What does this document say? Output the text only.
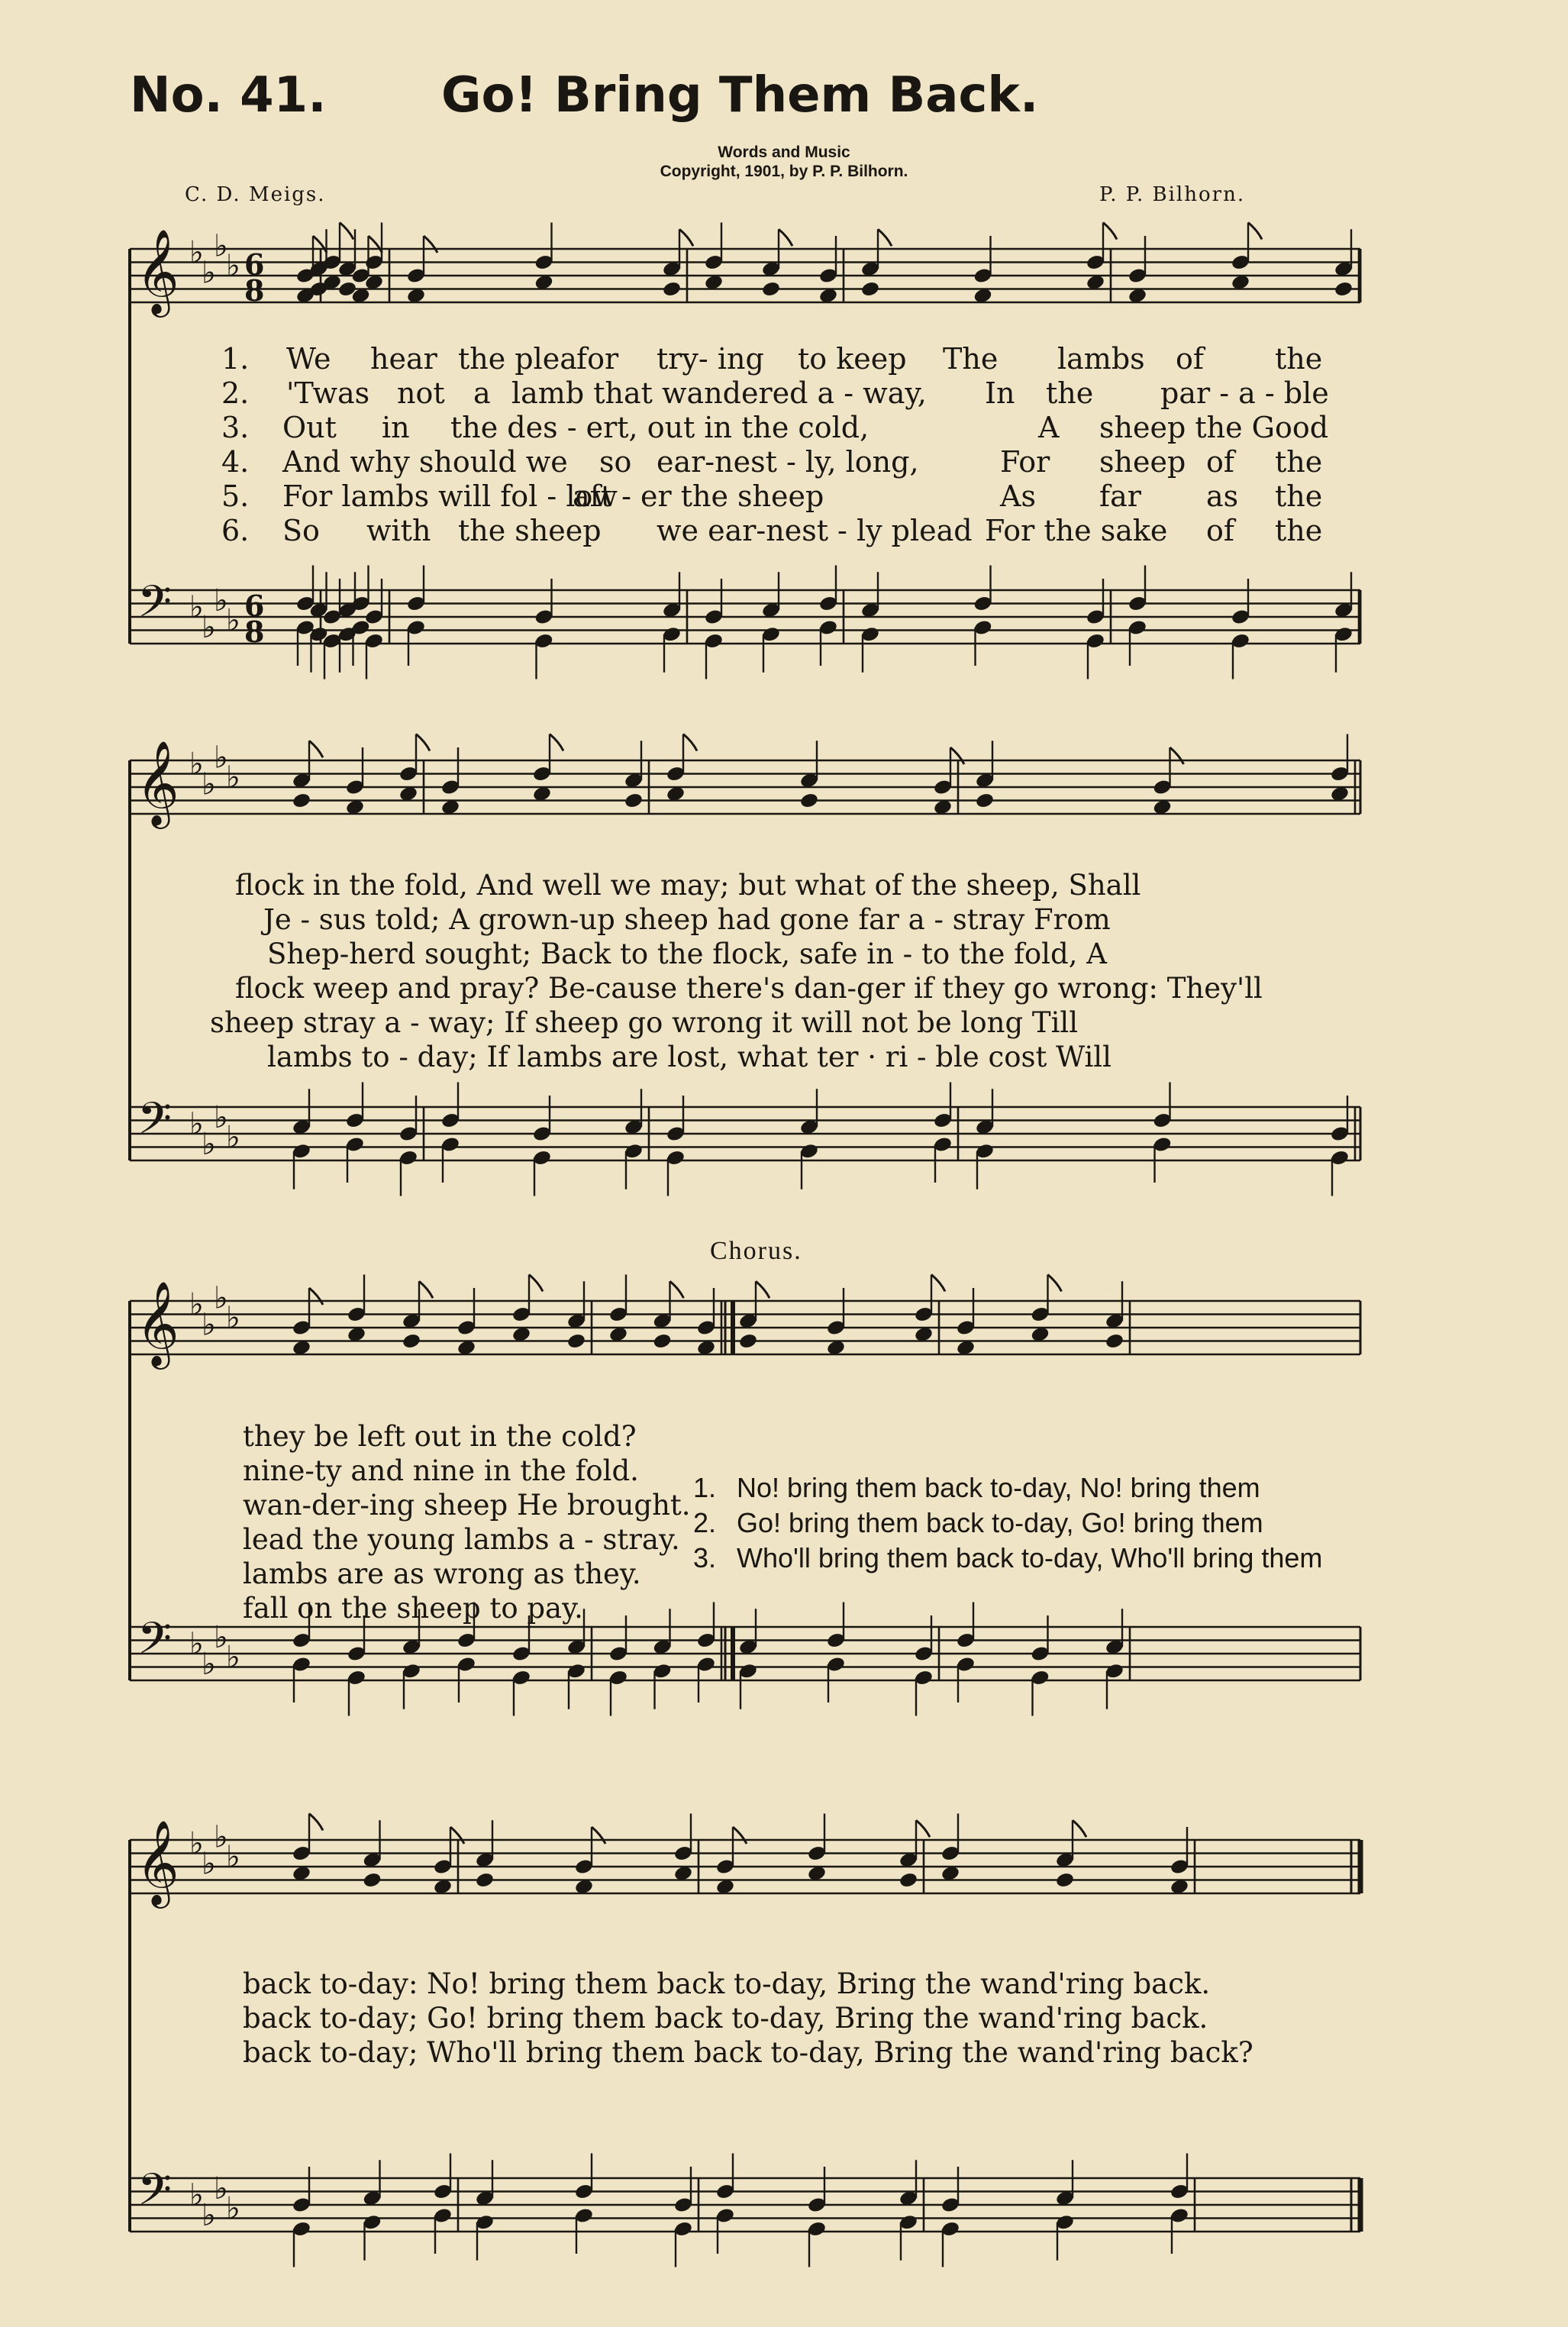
No. 41. Go! Bring Them Back.
Words and Music
Copyright, 1901, by P. P. Bilhorn.
C. D. Meigs.	P. P. Bilhorn.
𝄞
𝄢
♭
♭
♭
♭
♭
♭
♭
♭
6
8
6
8
𝄞
𝄢
♭
♭
♭
♭
♭
♭
♭
♭
𝄞
𝄢
♭
♭
♭
♭
♭
♭
♭
♭
𝄞
𝄢
♭
♭
♭
♭
♭
♭
♭
♭
1. We hear the plea for try- ing to keep The lambs of the
2. 'Twas not a lamb that wandered a - way, In the par - a - ble
3. Out in the des - ert, out in the cold,	A sheep the Good
4. And why should we so ear-nest - ly, long,	For sheep of the
5. For lambs will fol - low
aft - er the sheep	As far as the
6. So with the sheep we ear-nest - ly plead For the sake of the
flock in the fold, And well we may; but what of the sheep, Shall
Je - sus told; A grown-up sheep had gone far a - stray From
Shep-herd sought; Back to the flock, safe in - to the fold, A
flock weep and pray? Be-cause there's dan-ger if they go wrong: They'll
sheep stray a - way; If sheep go wrong it will not be long Till
lambs to - day; If lambs are lost, what ter · ri - ble cost Will
Chorus.
they be left out in the cold?
nine-ty and nine in the fold.
wan-der-ing sheep He brought.
lead the young lambs a - stray.
lambs are as wrong as they.
fall on the sheep to pay.
1. No! bring them back to-day, No! bring them
2. Go! bring them back to-day, Go! bring them
3. Who'll bring them back to-day, Who'll bring them
back to-day: No! bring them back to-day, Bring the wand'ring back.
back to-day; Go! bring them back to-day, Bring the wand'ring back.
back to-day; Who'll bring them back to-day, Bring the wand'ring back?
